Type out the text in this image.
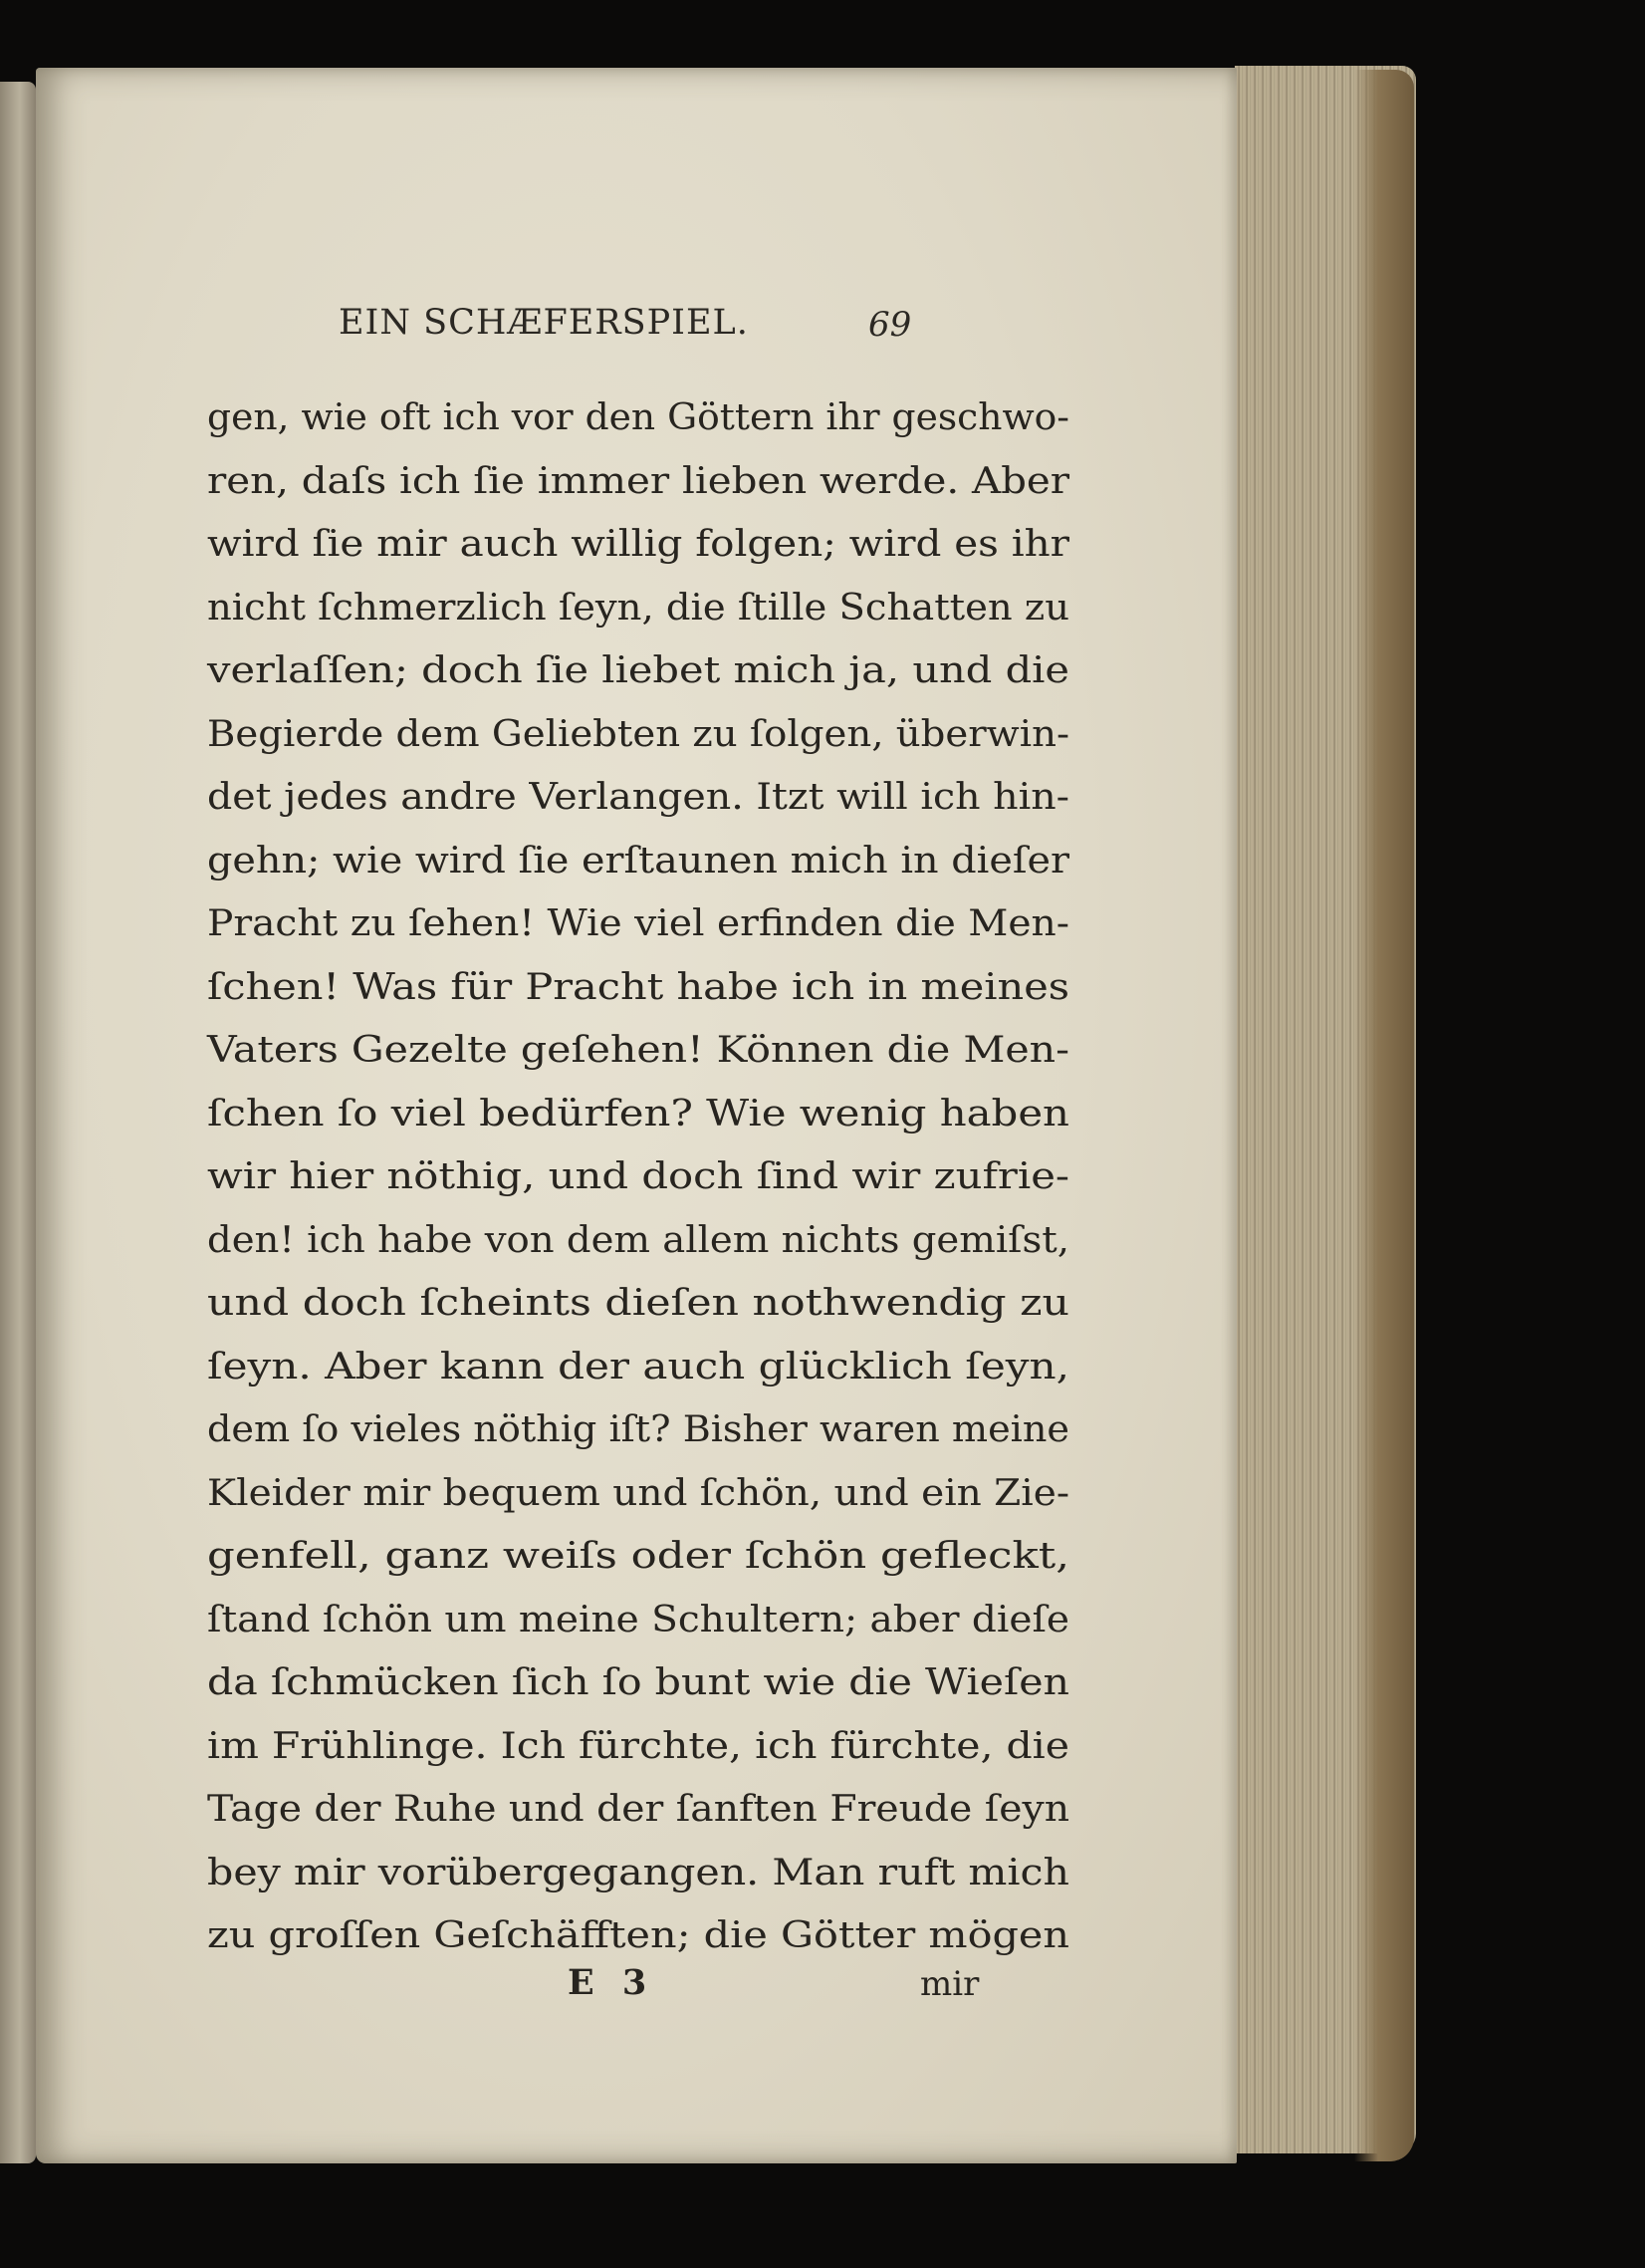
EIN SCHÆFERSPIEL.	69
gen, wie oft ich vor den Göttern ihr geschwo-
ren, daſs ich ſie immer lieben werde. Aber
wird ſie mir auch willig folgen; wird es ihr
nicht ſchmerzlich ſeyn, die ſtille Schatten zu
verlaſſen; doch ſie liebet mich ja, und die
Begierde dem Geliebten zu ſolgen, überwin-
det jedes andre Verlangen. Itzt will ich hin-
gehn; wie wird ſie erſtaunen mich in dieſer
Pracht zu ſehen! Wie viel erfinden die Men-
ſchen! Was für Pracht habe ich in meines
Vaters Gezelte geſehen! Können die Men-
ſchen ſo viel bedürfen? Wie wenig haben
wir hier nöthig, und doch ſind wir zufrie-
den! ich habe von dem allem nichts gemiſst,
und doch ſcheints dieſen nothwendig zu
ſeyn. Aber kann der auch glücklich ſeyn,
dem ſo vieles nöthig iſt? Bisher waren meine
Kleider mir bequem und ſchön, und ein Zie-
genfell, ganz weiſs oder ſchön gefleckt,
ſtand ſchön um meine Schultern; aber dieſe
da ſchmücken ſich ſo bunt wie die Wieſen
im Frühlinge. Ich fürchte, ich fürchte, die
Tage der Ruhe und der ſanften Freude ſeyn
bey mir vorübergegangen. Man ruft mich
zu groſſen Geſchäfften; die Götter mögen
E 3	mir
